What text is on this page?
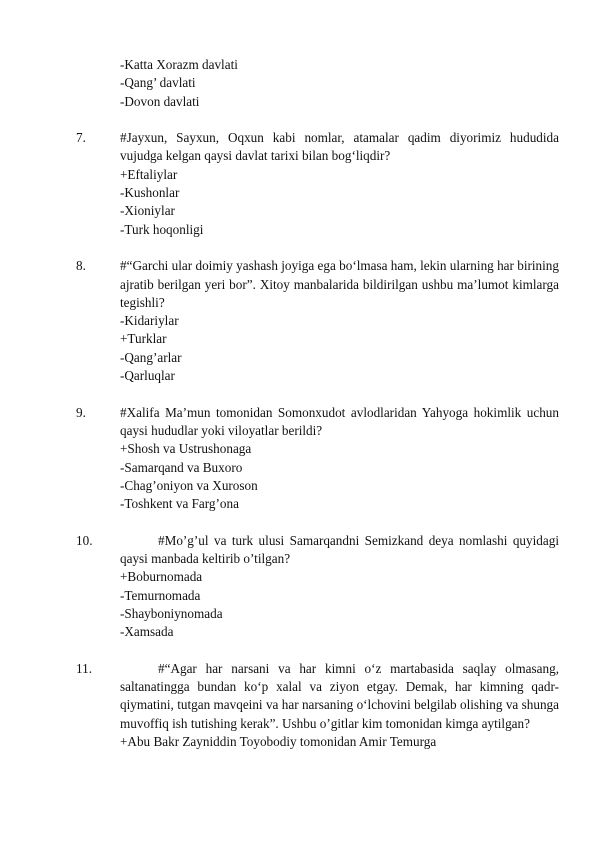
-Katta Xorazm davlati
-Qang’ davlati
-Dovon davlati
7.	#Jayxun, Sayxun, Oqxun kabi nomlar, atamalar qadim diyorimiz hududida vujudga kelgan qaysi davlat tarixi bilan bog‘liqdir?
+Eftaliylar
-Kushonlar
-Xioniylar
-Turk hoqonligi
8.	#“Garchi ular doimiy yashash joyiga ega bo‘lmasa ham, lekin ularning har birining ajratib berilgan yeri bor”. Xitoy manbalarida bildirilgan ushbu ma’lumot kimlarga tegishli?
-Kidariylar
+Turklar
-Qang’arlar
-Qarluqlar
9.	#Xalifa Ma’mun tomonidan Somonxudot avlodlaridan Yahyoga hokimlik uchun qaysi hududlar yoki viloyatlar berildi?
+Shosh va Ustrushonaga
-Samarqand va Buxoro
-Chag’oniyon va Xuroson
-Toshkent va Farg’ona
10.	#Mo’g’ul va turk ulusi Samarqandni Semizkand deya nomlashi quyidagi qaysi manbada keltirib o’tilgan?
+Boburnomada
-Temurnomada
-Shayboniynomada
-Xamsada
11.	#“Agar har narsani va har kimni o‘z martabasida saqlay olmasang, saltanatingga bundan ko‘p xalal va ziyon etgay. Demak, har kimning qadr-qiymatini, tutgan mavqeini va har narsaning o‘lchovini belgilab olishing va shunga muvoffiq ish tutishing kerak”. Ushbu o’gitlar kim tomonidan kimga aytilgan?
+Abu Bakr Zayniddin Toyobodiy tomonidan Amir Temurga
